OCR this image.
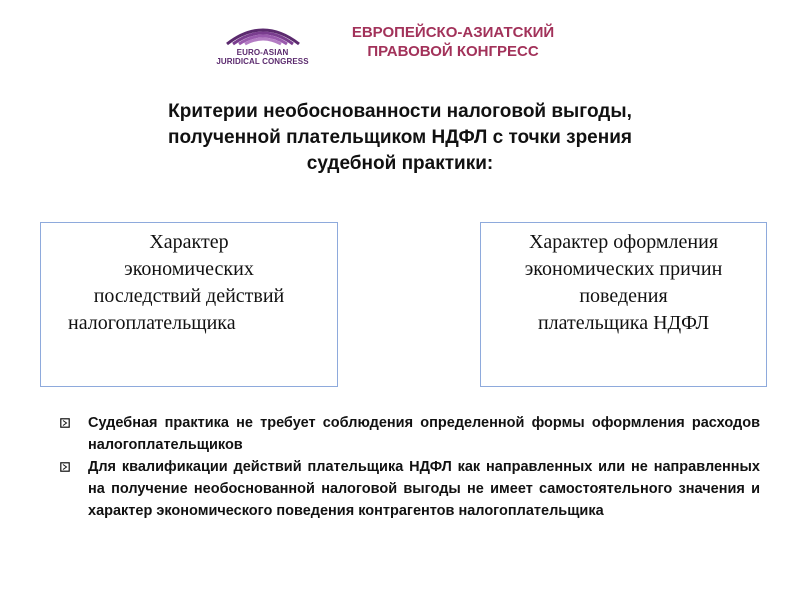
EURO-ASIAN
JURIDICAL CONGRESS
ЕВРОПЕЙСКО-АЗИАТСКИЙ
ПРАВОВОЙ КОНГРЕСС
Критерии необоснованности налоговой выгоды,
полученной плательщиком НДФЛ с точки зрения
судебной практики:
Характер
экономических
последствий действий
налогоплательщика
Характер оформления
экономических причин
поведения
плательщика НДФЛ
Судебная практика не требует соблюдения определенной формы оформления расходов налогоплательщиков
Для квалификации действий плательщика НДФЛ как направленных или не направленных на получение необоснованной налоговой выгоды не имеет самостоятельного значения и характер экономического поведения контрагентов налогоплательщика
